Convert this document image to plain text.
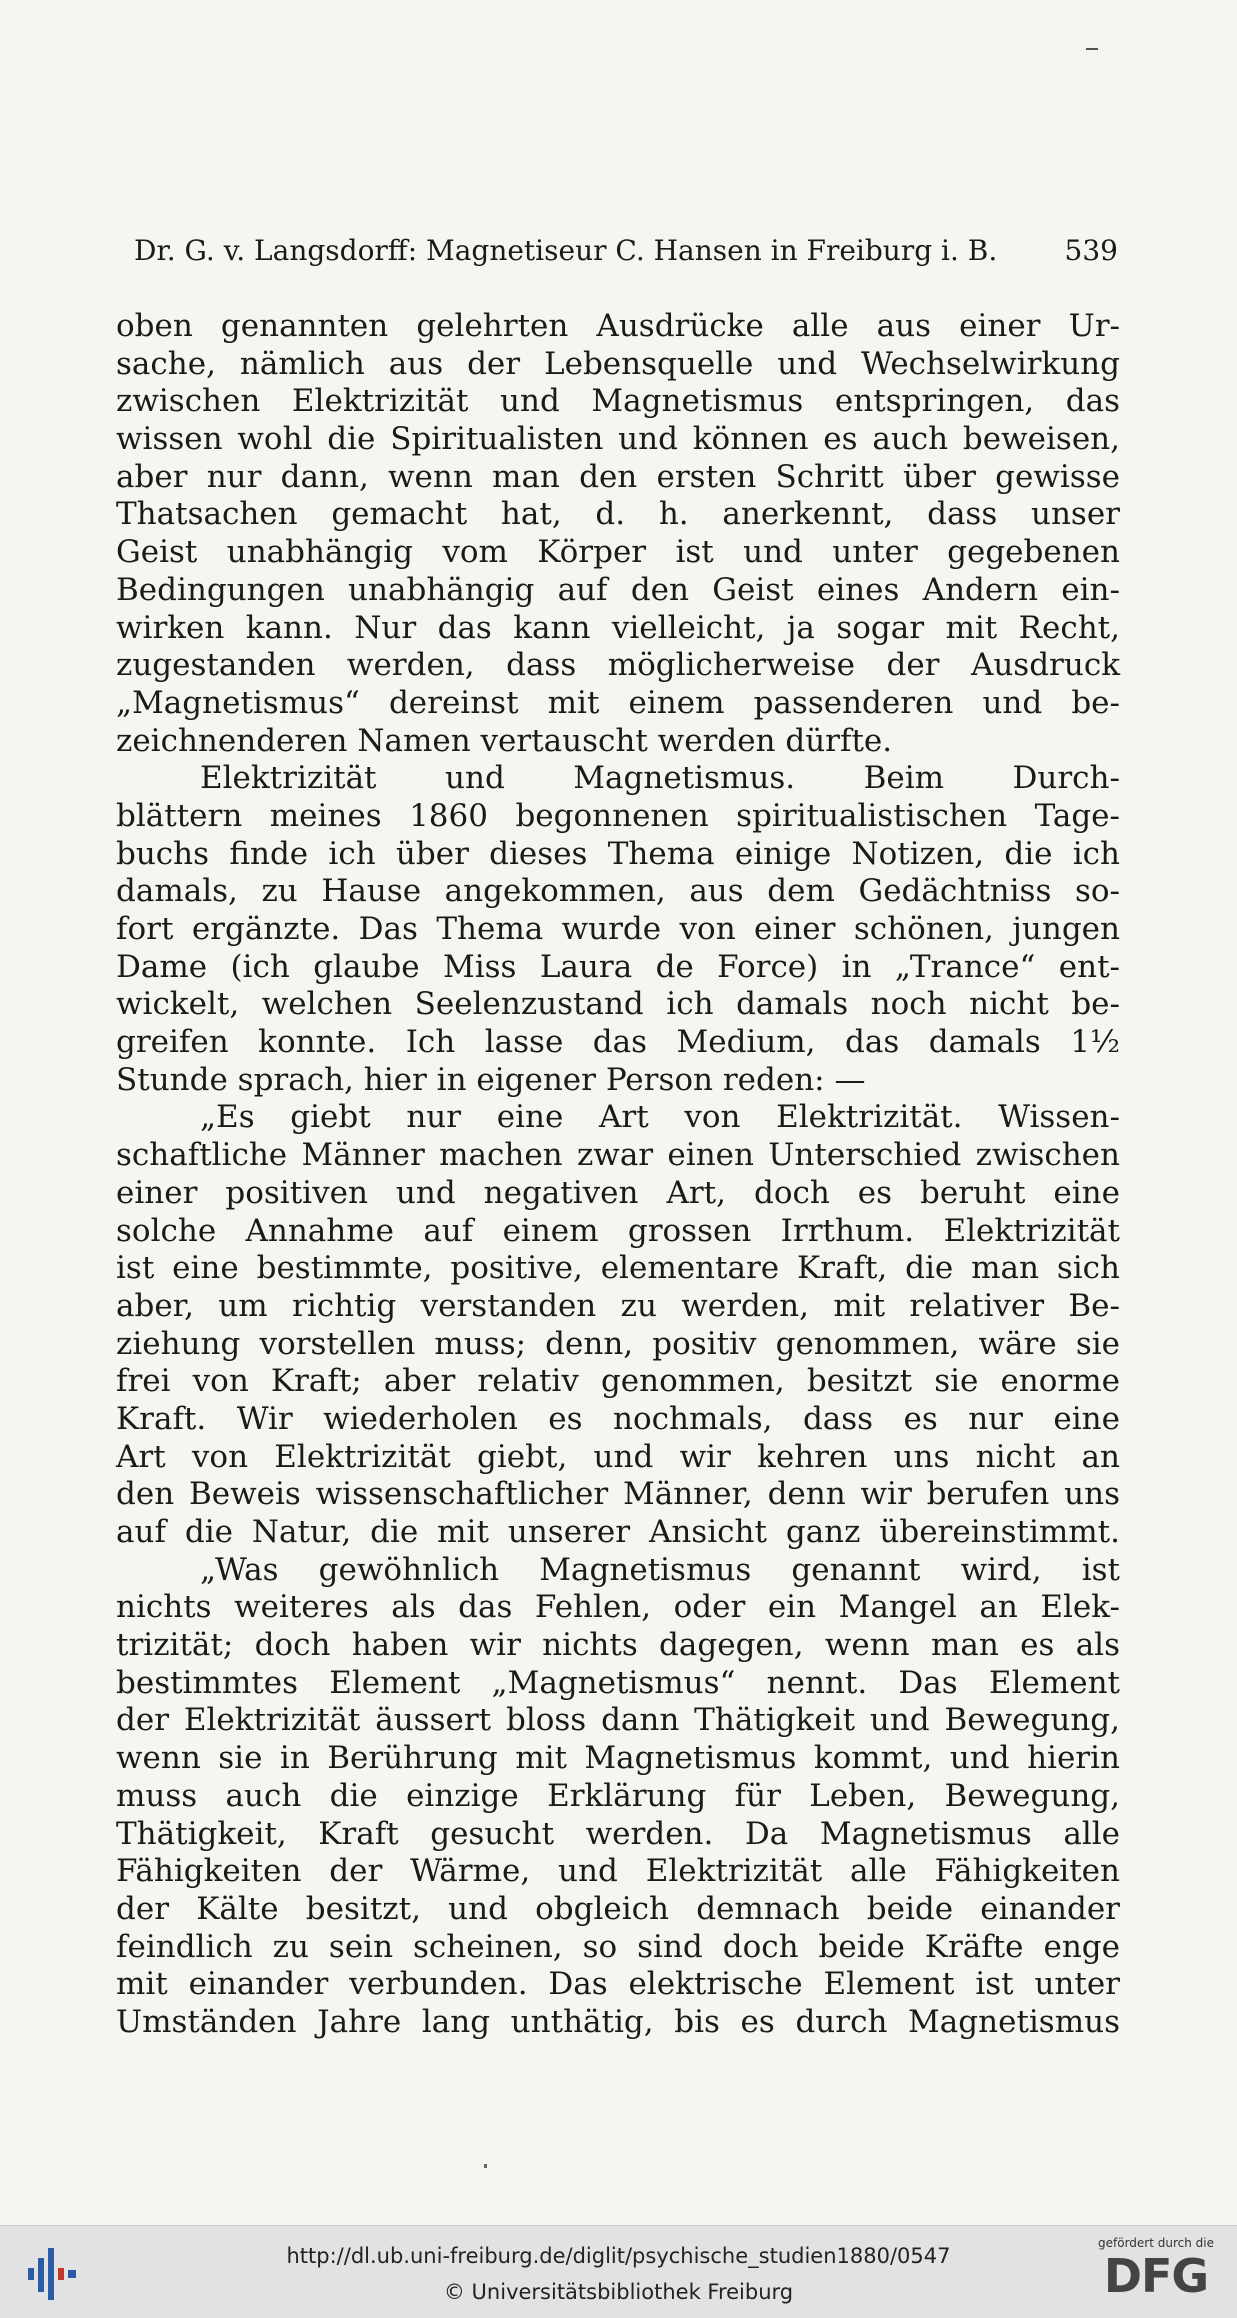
Dr. G. v. Langsdorff: Magnetiseur C. Hansen in Freiburg i. B. 539
oben genannten gelehrten Ausdrücke alle aus einer Ur-
sache, nämlich aus der Lebensquelle und Wechselwirkung
zwischen Elektrizität und Magnetismus entspringen, das
wissen wohl die Spiritualisten und können es auch beweisen,
aber nur dann, wenn man den ersten Schritt über gewisse
Thatsachen gemacht hat, d. h. anerkennt, dass unser
Geist unabhängig vom Körper ist und unter gegebenen
Bedingungen unabhängig auf den Geist eines Andern ein-
wirken kann. Nur das kann vielleicht, ja sogar mit Recht,
zugestanden werden, dass möglicherweise der Ausdruck
„Magnetismus“ dereinst mit einem passenderen und be-
zeichnenderen Namen vertauscht werden dürfte.
Elektrizität und Magnetismus. Beim Durch-
blättern meines 1860 begonnenen spiritualistischen Tage-
buchs finde ich über dieses Thema einige Notizen, die ich
damals, zu Hause angekommen, aus dem Gedächtniss so-
fort ergänzte. Das Thema wurde von einer schönen, jungen
Dame (ich glaube Miss Laura de Force) in „Trance“ ent-
wickelt, welchen Seelenzustand ich damals noch nicht be-
greifen konnte. Ich lasse das Medium, das damals 1½
Stunde sprach, hier in eigener Person reden: —
„Es giebt nur eine Art von Elektrizität. Wissen-
schaftliche Männer machen zwar einen Unterschied zwischen
einer positiven und negativen Art, doch es beruht eine
solche Annahme auf einem grossen Irrthum. Elektrizität
ist eine bestimmte, positive, elementare Kraft, die man sich
aber, um richtig verstanden zu werden, mit relativer Be-
ziehung vorstellen muss; denn, positiv genommen, wäre sie
frei von Kraft; aber relativ genommen, besitzt sie enorme
Kraft. Wir wiederholen es nochmals, dass es nur eine
Art von Elektrizität giebt, und wir kehren uns nicht an
den Beweis wissenschaftlicher Männer, denn wir berufen uns
auf die Natur, die mit unserer Ansicht ganz übereinstimmt.
„Was gewöhnlich Magnetismus genannt wird, ist
nichts weiteres als das Fehlen, oder ein Mangel an Elek-
trizität; doch haben wir nichts dagegen, wenn man es als
bestimmtes Element „Magnetismus“ nennt. Das Element
der Elektrizität äussert bloss dann Thätigkeit und Bewegung,
wenn sie in Berührung mit Magnetismus kommt, und hierin
muss auch die einzige Erklärung für Leben, Bewegung,
Thätigkeit, Kraft gesucht werden. Da Magnetismus alle
Fähigkeiten der Wärme, und Elektrizität alle Fähigkeiten
der Kälte besitzt, und obgleich demnach beide einander
feindlich zu sein scheinen, so sind doch beide Kräfte enge
mit einander verbunden. Das elektrische Element ist unter
Umständen Jahre lang unthätig, bis es durch Magnetismus
http://dl.ub.uni-freiburg.de/diglit/psychische_studien1880/0547
© Universitätsbibliothek Freiburg
gefördert durch die
DFG
